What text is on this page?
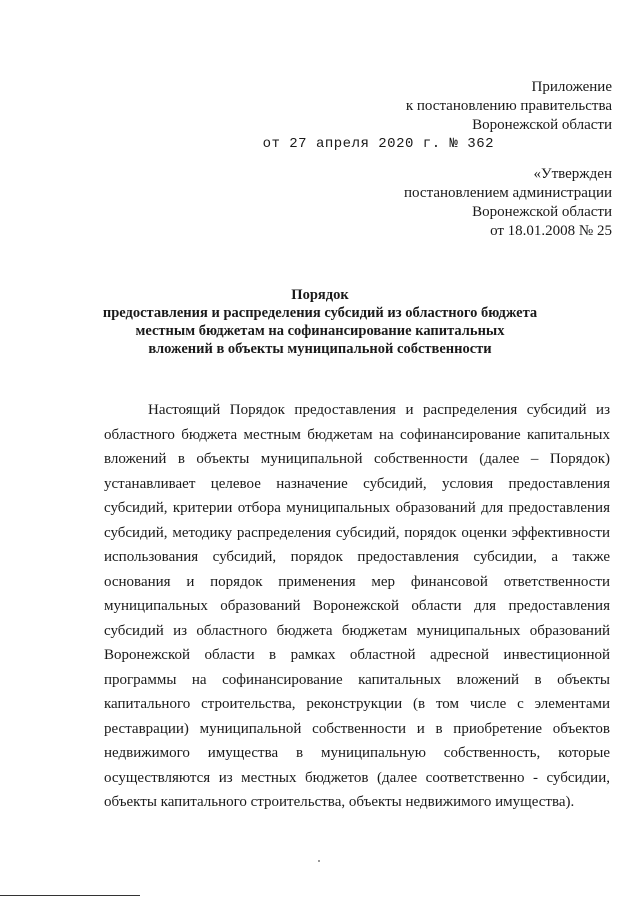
Приложение
к постановлению правительства
Воронежской области
от 27 апреля 2020 г. № 362
«Утвержден
постановлением администрации
Воронежской области
от 18.01.2008 № 25
Порядок
предоставления и распределения субсидий из областного бюджета
местным бюджетам на софинансирование капитальных
вложений в объекты муниципальной собственности
Настоящий Порядок предоставления и распределения субсидий из областного бюджета местным бюджетам на софинансирование капитальных вложений в объекты муниципальной собственности (далее – Порядок) устанавливает целевое назначение субсидий, условия предоставления субсидий, критерии отбора муниципальных образований для предоставления субсидий, методику распределения субсидий, порядок оценки эффективности использования субсидий, порядок предоставления субсидии, а также основания и порядок применения мер финансовой ответственности муниципальных образований Воронежской области для предоставления субсидий из областного бюджета бюджетам муниципальных образований Воронежской области в рамках областной адресной инвестиционной программы на софинансирование капитальных вложений в объекты капитального строительства, реконструкции (в том числе с элементами реставрации) муниципальной собственности и в приобретение объектов недвижимого имущества в муниципальную собственность, которые осуществляются из местных бюджетов (далее соответственно - субсидии, объекты капитального строительства, объекты недвижимого имущества).
